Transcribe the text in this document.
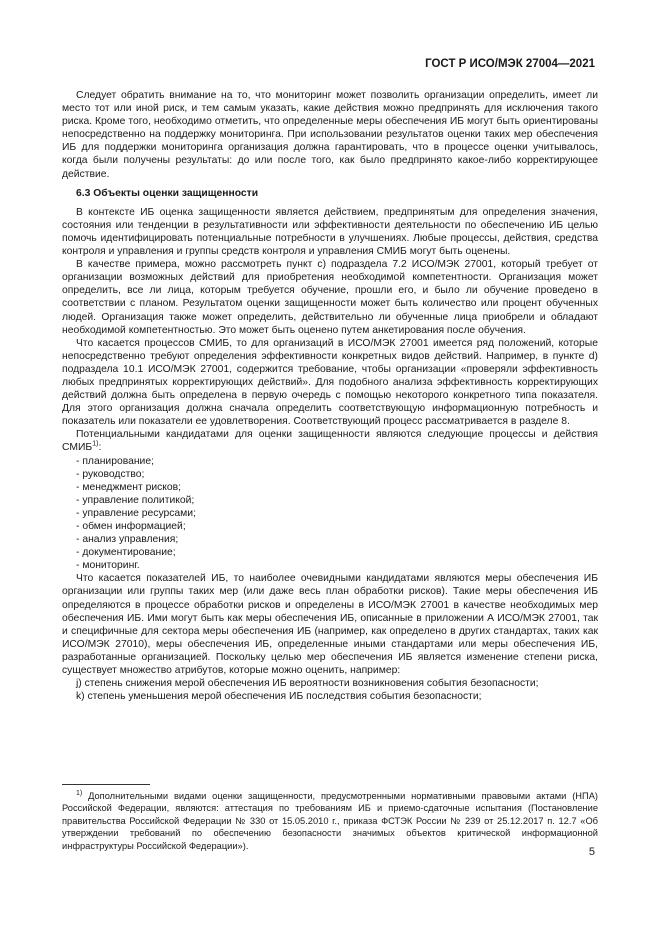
ГОСТ Р ИСО/МЭК 27004—2021

Следует обратить внимание на то, что мониторинг может позволить организации определить, имеет ли место тот или иной риск, и тем самым указать, какие действия можно предпринять для исключения такого риска. Кроме того, необходимо отметить, что определенные меры обеспечения ИБ могут быть ориентированы непосредственно на поддержку мониторинга. При использовании результатов оценки таких мер обеспечения ИБ для поддержки мониторинга организация должна гарантировать, что в процессе оценки учитывалось, когда были получены результаты: до или после того, как было предпринято какое-либо корректирующее действие.

6.3 Объекты оценки защищенности

В контексте ИБ оценка защищенности является действием, предпринятым для определения значения, состояния или тенденции в результативности или эффективности деятельности по обеспечению ИБ целью помочь идентифицировать потенциальные потребности в улучшениях. Любые процессы, действия, средства контроля и управления и группы средств контроля и управления СМИБ могут быть оценены.

В качестве примера, можно рассмотреть пункт с) подраздела 7.2 ИСО/МЭК 27001, который требует от организации возможных действий для приобретения необходимой компетентности. Организация может определить, все ли лица, которым требуется обучение, прошли его, и было ли обучение проведено в соответствии с планом. Результатом оценки защищенности может быть количество или процент обученных людей. Организация также может определить, действительно ли обученные лица приобрели и обладают необходимой компетентностью. Это может быть оценено путем анкетирования после обучения.

Что касается процессов СМИБ, то для организаций в ИСО/МЭК 27001 имеется ряд положений, которые непосредственно требуют определения эффективности конкретных видов действий. Например, в пункте d) подраздела 10.1 ИСО/МЭК 27001, содержится требование, чтобы организации «проверяли эффективность любых предпринятых корректирующих действий». Для подобного анализа эффективность корректирующих действий должна быть определена в первую очередь с помощью некоторого конкретного типа показателя. Для этого организация должна сначала определить соответствующую информационную потребность и показатель или показатели ее удовлетворения. Соответствующий процесс рассматривается в разделе 8.

Потенциальными кандидатами для оценки защищенности являются следующие процессы и действия СМИБ$^{1)}$:

- планирование;
- руководство;
- менеджмент рисков;
- управление политикой;
- управление ресурсами;
- обмен информацией;
- анализ управления;
- документирование;
- мониторинг.

Что касается показателей ИБ, то наиболее очевидными кандидатами являются меры обеспечения ИБ организации или группы таких мер (или даже весь план обработки рисков). Такие меры обеспечения ИБ определяются в процессе обработки рисков и определены в ИСО/МЭК 27001 в качестве необходимых мер обеспечения ИБ. Ими могут быть как меры обеспечения ИБ, описанные в приложении А ИСО/МЭК 27001, так и специфичные для сектора меры обеспечения ИБ (например, как определено в других стандартах, таких как ИСО/МЭК 27010), меры обеспечения ИБ, определенные иными стандартами или меры обеспечения ИБ, разработанные организацией. Поскольку целью мер обеспечения ИБ является изменение степени риска, существует множество атрибутов, которые можно оценить, например:

j) степень снижения мерой обеспечения ИБ вероятности возникновения события безопасности;

k) степень уменьшения мерой обеспечения ИБ последствия события безопасности;

$^{1)}$ Дополнительными видами оценки защищенности, предусмотренными нормативными правовыми актами (НПА) Российской Федерации, являются: аттестация по требованиям ИБ и приемо-сдаточные испытания (Постановление правительства Российской Федерации № 330 от 15.05.2010 г., приказа ФСТЭК России № 239 от 25.12.2017 п. 12.7 «Об утверждении требований по обеспечению безопасности значимых объектов критической информационной инфраструктуры Российской Федерации»).
5
